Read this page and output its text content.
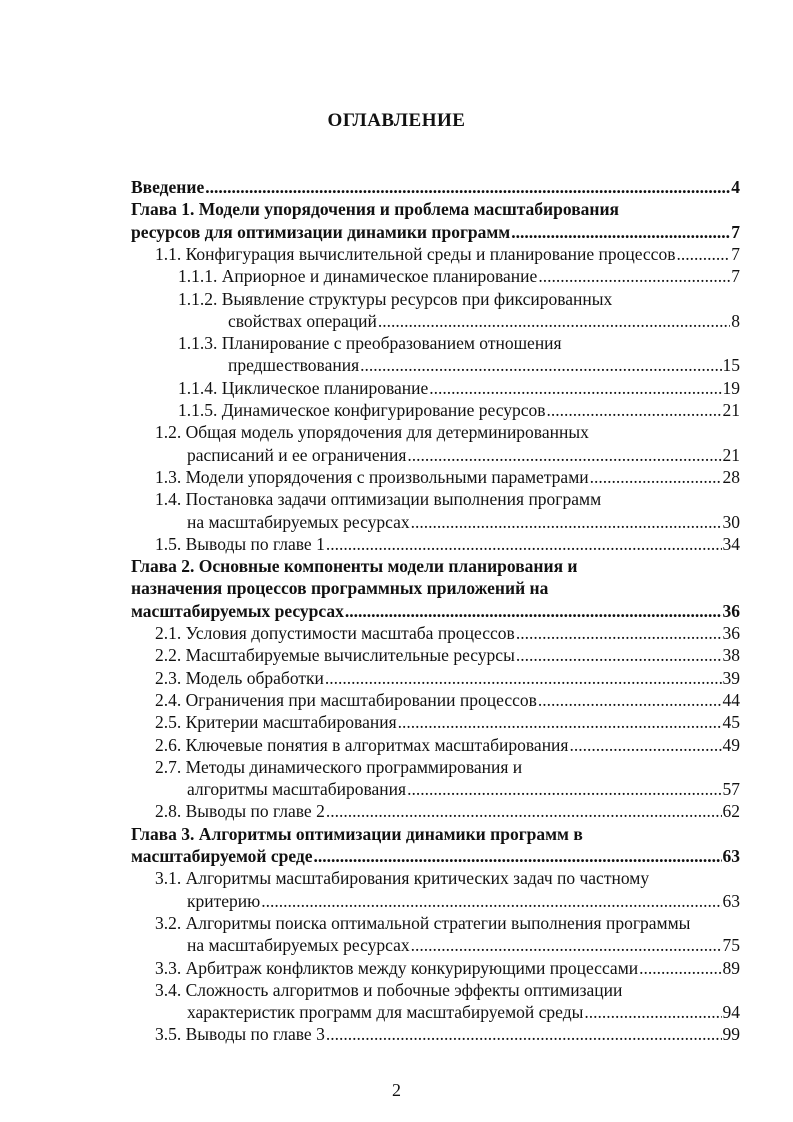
ОГЛАВЛЕНИЕ
Введение .....	4
Глава 1. Модели упорядочения и проблема масштабирования
ресурсов для оптимизации динамики программ .....	7
1.1. Конфигурация вычислительной среды и планирование процессов .....	7
1.1.1. Априорное и динамическое планирование .....	7
1.1.2. Выявление структуры ресурсов при фиксированных
свойствах операций .....	8
1.1.3. Планирование с преобразованием отношения
предшествования .....	15
1.1.4. Циклическое планирование .....	19
1.1.5. Динамическое конфигурирование ресурсов .....	21
1.2. Общая модель упорядочения для детерминированных
расписаний и ее ограничения .....	21
1.3. Модели упорядочения с произвольными параметрами .....	28
1.4. Постановка задачи оптимизации выполнения программ
на масштабируемых ресурсах .....	30
1.5. Выводы по главе 1 .....	34
Глава 2. Основные компоненты модели планирования и
назначения процессов программных приложений на
масштабируемых ресурсах .....	36
2.1. Условия допустимости масштаба процессов .....	36
2.2. Масштабируемые вычислительные ресурсы .....	38
2.3. Модель обработки .....	39
2.4. Ограничения при масштабировании процессов .....	44
2.5. Критерии масштабирования .....	45
2.6. Ключевые понятия в алгоритмах масштабирования .....	49
2.7. Методы динамического программирования и
алгоритмы масштабирования .....	57
2.8. Выводы по главе 2 .....	62
Глава 3. Алгоритмы оптимизации динамики программ в
масштабируемой среде .....	63
3.1. Алгоритмы масштабирования критических задач по частному
критерию .....	63
3.2. Алгоритмы поиска оптимальной стратегии выполнения программы
на масштабируемых ресурсах .....	75
3.3. Арбитраж конфликтов между конкурирующими процессами .....	89
3.4. Сложность алгоритмов и побочные эффекты оптимизации
характеристик программ для масштабируемой среды .....	94
3.5. Выводы по главе 3 .....	99
2
